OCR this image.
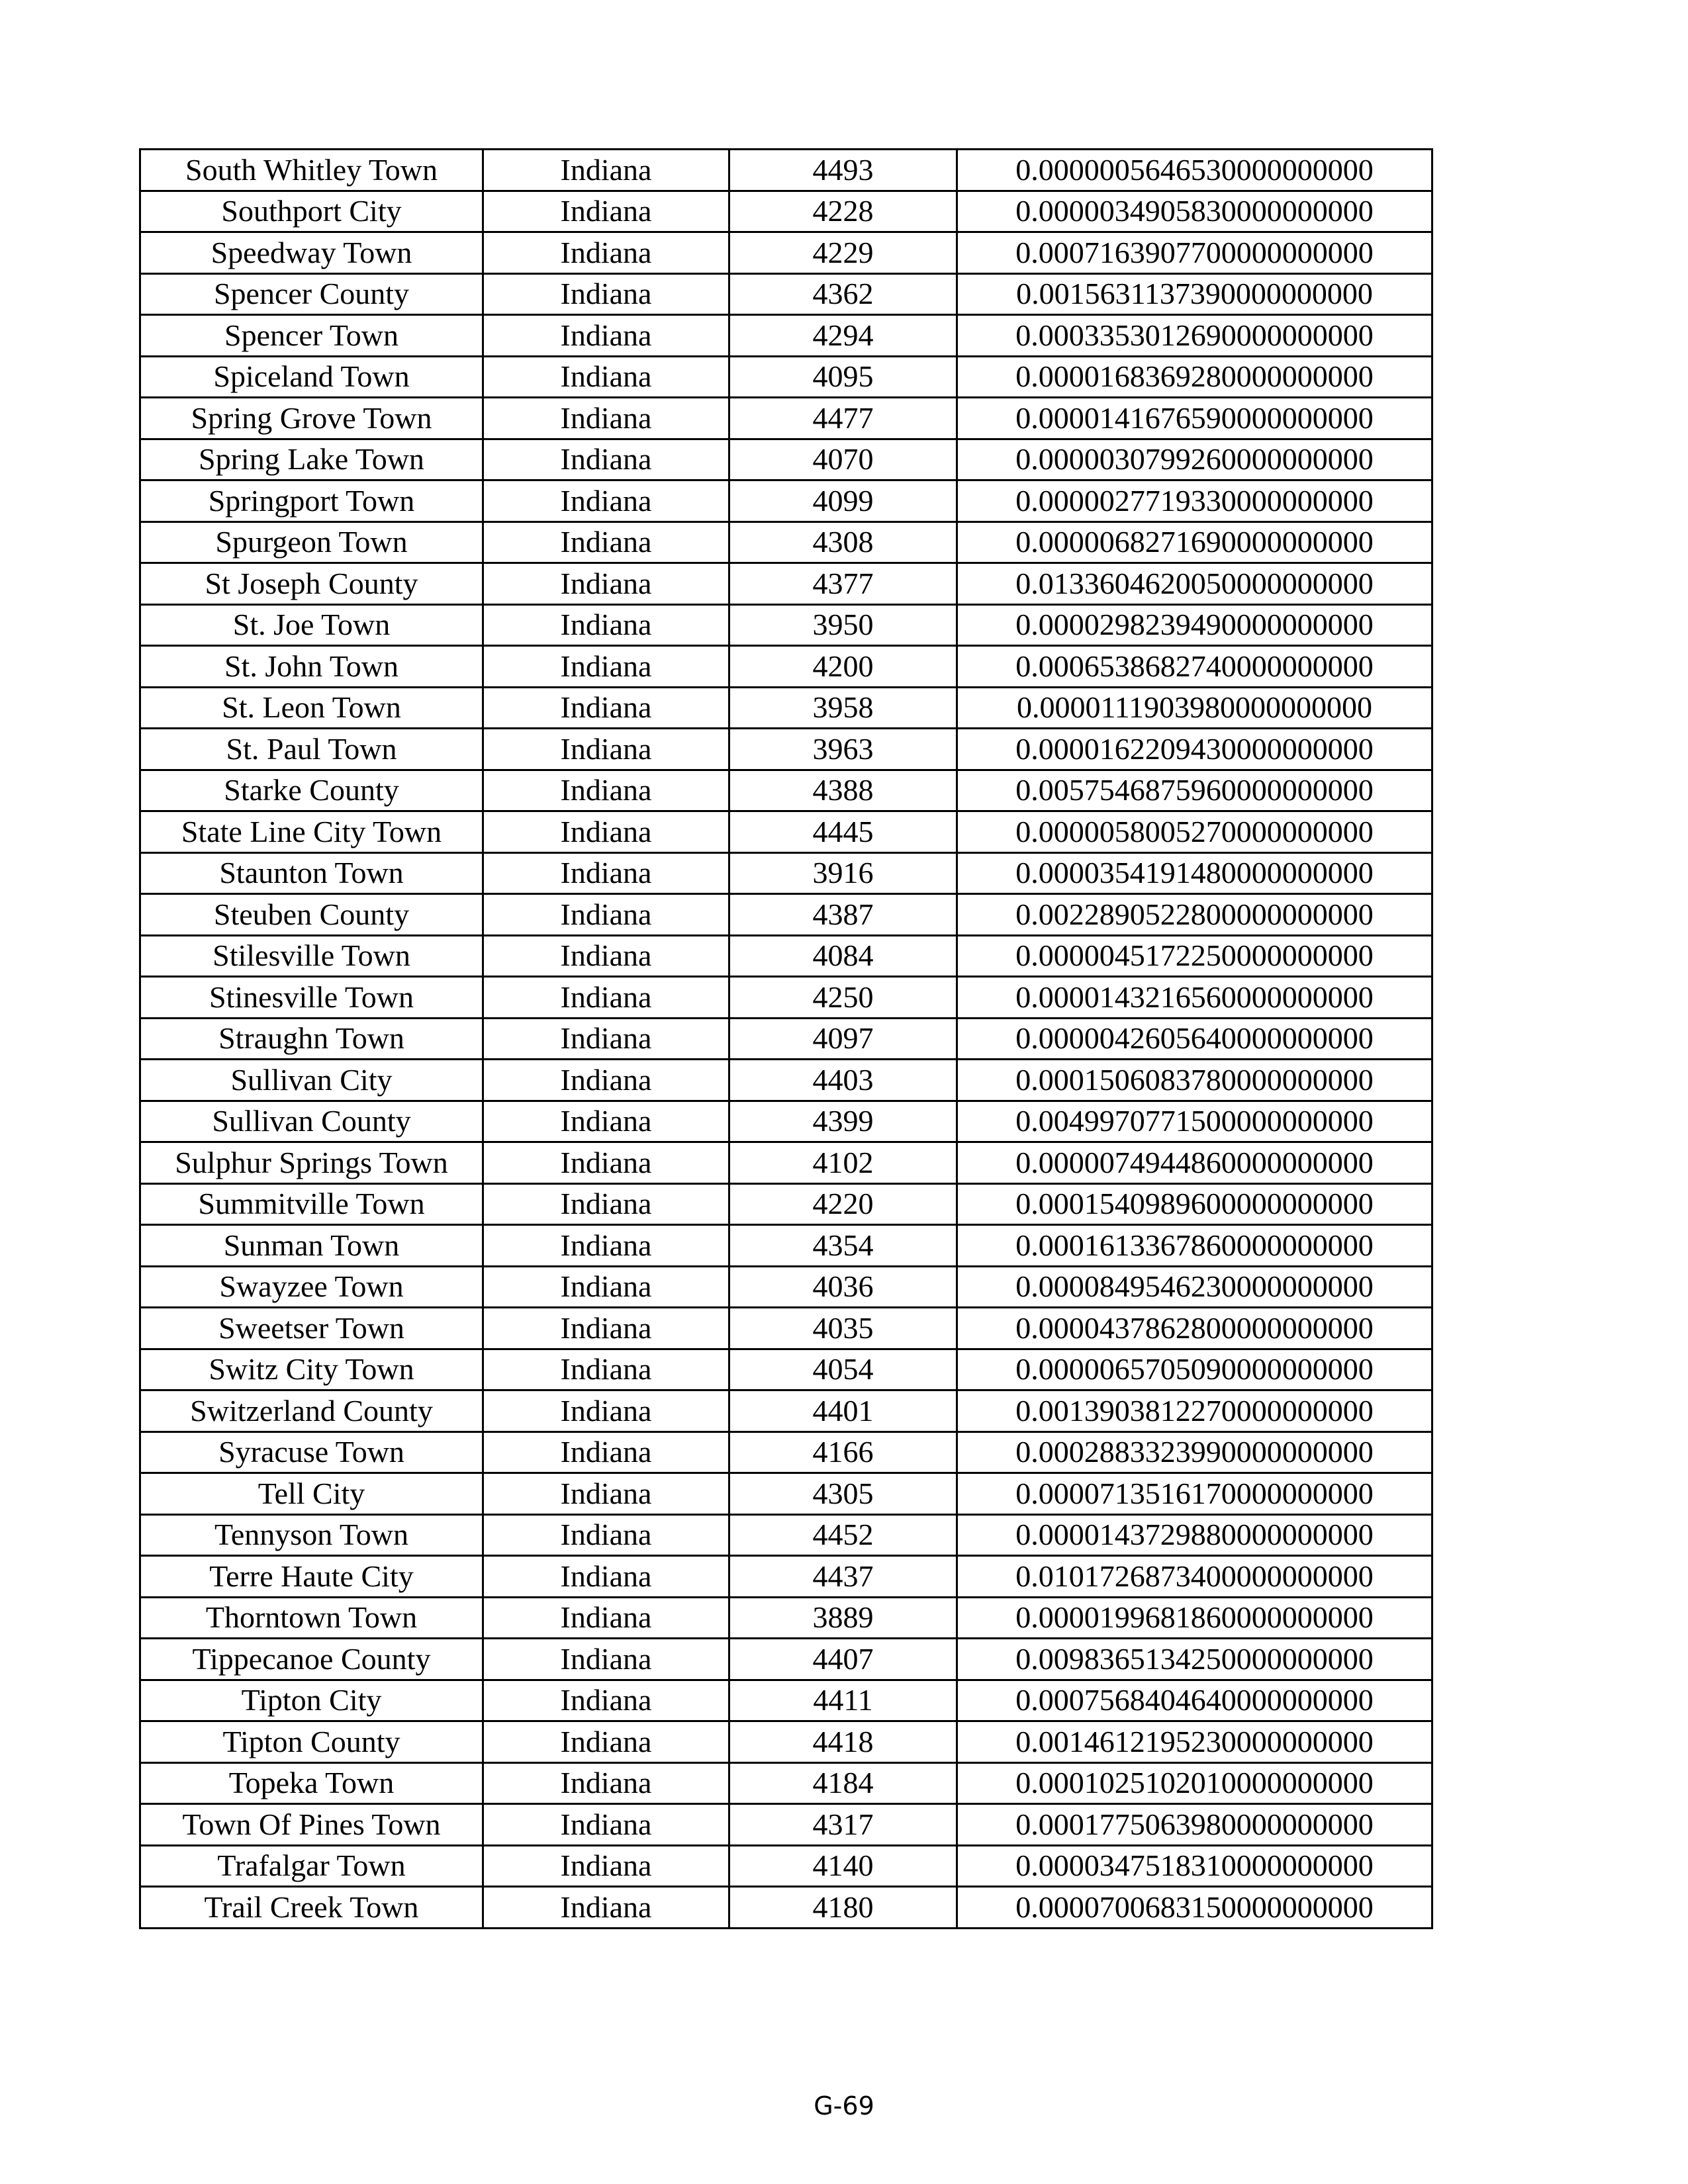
South Whitley Town	Indiana	4493	0.0000005646530000000000
Southport City	Indiana	4228	0.0000034905830000000000
Speedway Town	Indiana	4229	0.0007163907700000000000
Spencer County	Indiana	4362	0.0015631137390000000000
Spencer Town	Indiana	4294	0.0003353012690000000000
Spiceland Town	Indiana	4095	0.0000168369280000000000
Spring Grove Town	Indiana	4477	0.0000141676590000000000
Spring Lake Town	Indiana	4070	0.0000030799260000000000
Springport Town	Indiana	4099	0.0000027719330000000000
Spurgeon Town	Indiana	4308	0.0000068271690000000000
St Joseph County	Indiana	4377	0.0133604620050000000000
St. Joe Town	Indiana	3950	0.0000298239490000000000
St. John Town	Indiana	4200	0.0006538682740000000000
St. Leon Town	Indiana	3958	0.0000111903980000000000
St. Paul Town	Indiana	3963	0.0000162209430000000000
Starke County	Indiana	4388	0.0057546875960000000000
State Line City Town	Indiana	4445	0.0000058005270000000000
Staunton Town	Indiana	3916	0.0000354191480000000000
Steuben County	Indiana	4387	0.0022890522800000000000
Stilesville Town	Indiana	4084	0.0000045172250000000000
Stinesville Town	Indiana	4250	0.0000143216560000000000
Straughn Town	Indiana	4097	0.0000042605640000000000
Sullivan City	Indiana	4403	0.0001506083780000000000
Sullivan County	Indiana	4399	0.0049970771500000000000
Sulphur Springs Town	Indiana	4102	0.0000074944860000000000
Summitville Town	Indiana	4220	0.0001540989600000000000
Sunman Town	Indiana	4354	0.0001613367860000000000
Swayzee Town	Indiana	4036	0.0000849546230000000000
Sweetser Town	Indiana	4035	0.0000437862800000000000
Switz City Town	Indiana	4054	0.0000065705090000000000
Switzerland County	Indiana	4401	0.0013903812270000000000
Syracuse Town	Indiana	4166	0.0002883323990000000000
Tell City	Indiana	4305	0.0000713516170000000000
Tennyson Town	Indiana	4452	0.0000143729880000000000
Terre Haute City	Indiana	4437	0.0101726873400000000000
Thorntown Town	Indiana	3889	0.0000199681860000000000
Tippecanoe County	Indiana	4407	0.0098365134250000000000
Tipton City	Indiana	4411	0.0007568404640000000000
Tipton County	Indiana	4418	0.0014612195230000000000
Topeka Town	Indiana	4184	0.0001025102010000000000
Town Of Pines Town	Indiana	4317	0.0001775063980000000000
Trafalgar Town	Indiana	4140	0.0000347518310000000000
Trail Creek Town	Indiana	4180	0.0000700683150000000000
G-69
